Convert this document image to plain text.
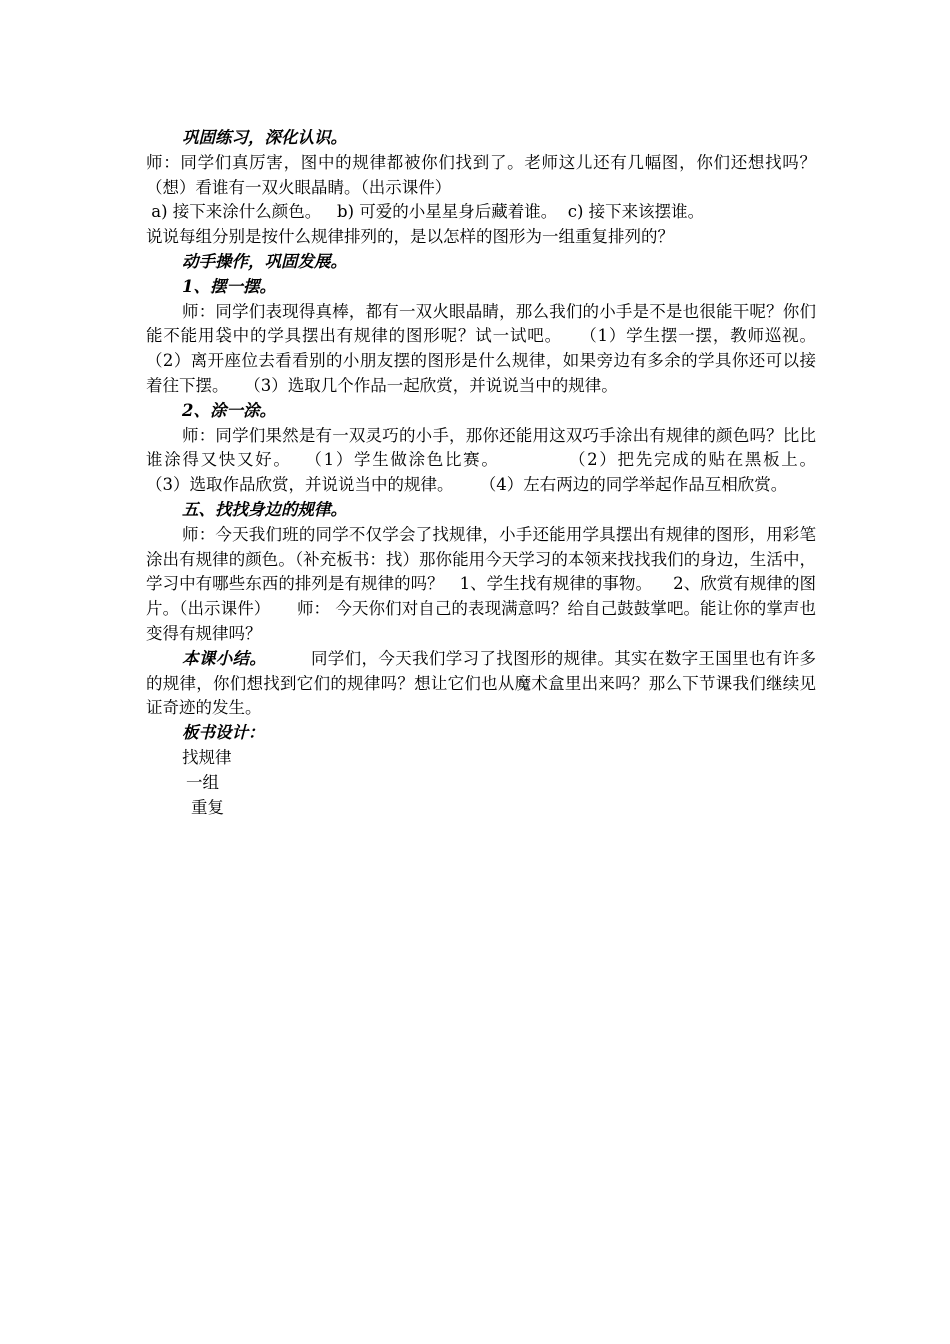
巩固练习，深化认识。

师：同学们真厉害，图中的规律都被你们找到了。老师这儿还有几幅图，你们还想找吗？（想）看谁有一双火眼晶睛。（出示课件）

a) 接下来涂什么颜色。   b) 可爱的小星星身后藏着谁。  c) 接下来该摆谁。

说说每组分别是按什么规律排列的，是以怎样的图形为一组重复排列的？

动手操作，巩固发展。

1、摆一摆。

师：同学们表现得真棒，都有一双火眼晶睛，那么我们的小手是不是也很能干呢？你们能不能用袋中的学具摆出有规律的图形呢？试一试吧。   （1）学生摆一摆，教师巡视。   （2）离开座位去看看别的小朋友摆的图形是什么规律，如果旁边有多余的学具你还可以接着往下摆。   （3）选取几个作品一起欣赏，并说说当中的规律。

2、涂一涂。

师：同学们果然是有一双灵巧的小手，那你还能用这双巧手涂出有规律的颜色吗？比比谁涂得又快又好。  （1）学生做涂色比赛。          （2）把先完成的贴在黑板上。        （3）选取作品欣赏，并说说当中的规律。     （4）左右两边的同学举起作品互相欣赏。

五、找找身边的规律。

师：今天我们班的同学不仅学会了找规律，小手还能用学具摆出有规律的图形，用彩笔涂出有规律的颜色。（补充板书：找）那你能用今天学习的本领来找找我们的身边，生活中，学习中有哪些东西的排列是有规律的吗？   1、学生找有规律的事物。    2、欣赏有规律的图片。（出示课件）     师： 今天你们对自己的表现满意吗？给自己鼓鼓掌吧。能让你的掌声也变得有规律吗？

本课小结。        同学们，今天我们学习了找图形的规律。其实在数字王国里也有许多的规律，你们想找到它们的规律吗？想让它们也从魔术盒里出来吗？那么下节课我们继续见证奇迹的发生。

板书设计：

找规律

一组

重复
